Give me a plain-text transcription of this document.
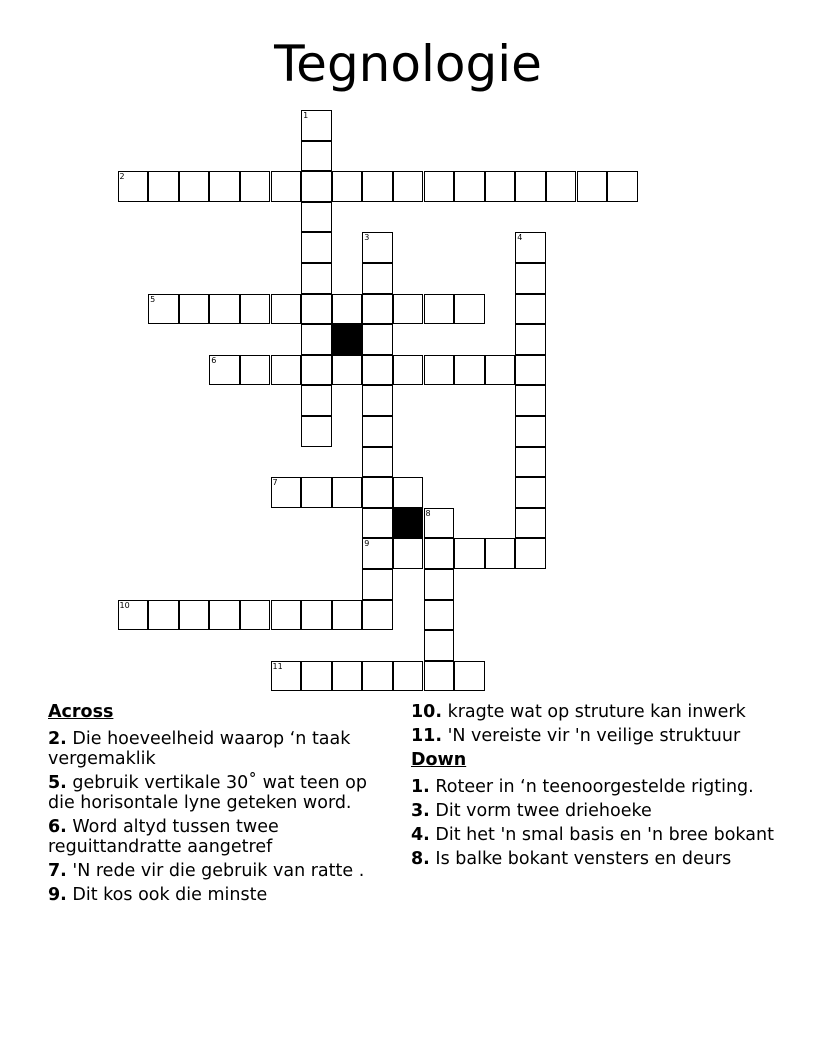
Tegnologie
1
2
3
9
4
5
6
7
8
10
11
Across
2. Die hoeveelheid waarop ‘n taak vergemaklik
5. gebruik vertikale 30˚ wat teen op die horisontale lyne geteken word.
6. Word altyd tussen twee reguittandratte aangetref
7. 'N rede vir die gebruik van ratte .
9. Dit kos ook die minste
10. kragte wat op struture kan inwerk
11. 'N vereiste vir 'n veilige struktuur
Down
1. Roteer in ‘n teenoorgestelde rigting.
3. Dit vorm twee driehoeke
4. Dit het 'n smal basis en 'n bree bokant
8. Is balke bokant vensters en deurs
